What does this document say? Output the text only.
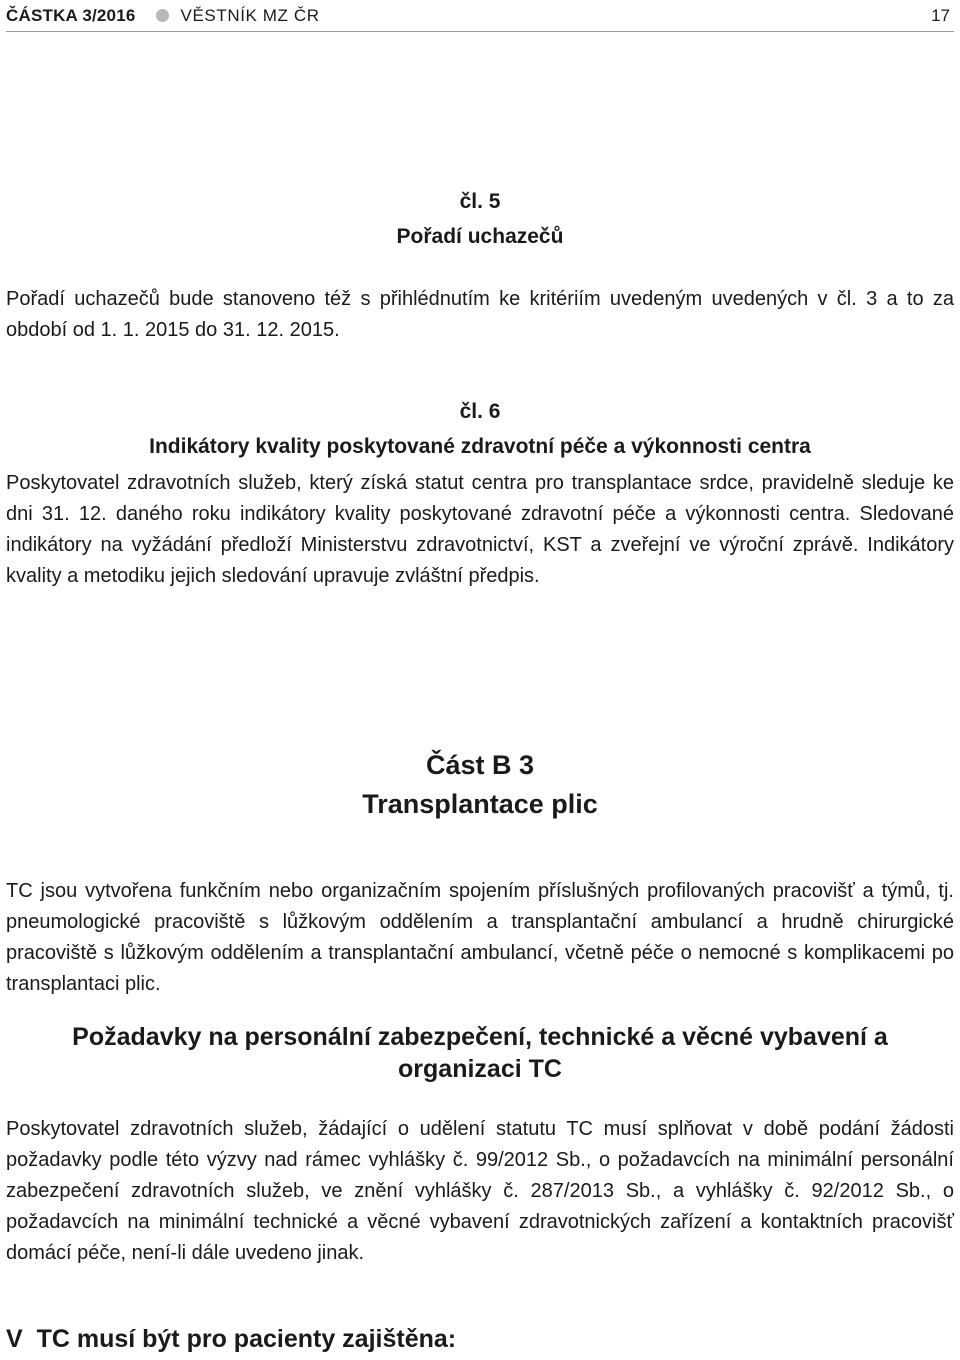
ČÁSTKA 3/2016	VĚSTNÍK MZ ČR	17
čl. 5
Pořadí uchazečů

Pořadí uchazečů bude stanoveno též s přihlédnutím ke kritériím uvedeným uvedených v čl. 3 a to za období od 1. 1. 2015 do 31. 12. 2015.

čl. 6
Indikátory kvality poskytované zdravotní péče a výkonnosti centra

Poskytovatel zdravotních služeb, který získá statut centra pro transplantace srdce, pravidelně sleduje ke dni 31. 12. daného roku indikátory kvality poskytované zdravotní péče a výkonnosti centra. Sledované indikátory na vyžádání předloží Ministerstvu zdravotnictví, KST a zveřejní ve výroční zprávě. Indikátory kvality a metodiku jejich sledování upravuje zvláštní předpis.

Část B 3
Transplantace plic

TC jsou vytvořena funkčním nebo organizačním spojením příslušných profilovaných pracovišť a týmů, tj. pneumologické pracoviště s lůžkovým oddělením a transplantační ambulancí a hrudně chirurgické pracoviště s lůžkovým oddělením a transplantační ambulancí, včetně péče o nemocné s komplikacemi po transplantaci plic.

Požadavky na personální zabezpečení, technické a věcné vybavení a
organizaci TC

Poskytovatel zdravotních služeb, žádající o udělení statutu TC musí splňovat v době podání žádosti požadavky podle této výzvy nad rámec vyhlášky č. 99/2012 Sb., o požadavcích na minimální personální zabezpečení zdravotních služeb, ve znění vyhlášky č. 287/2013 Sb., a vyhlášky č. 92/2012 Sb., o požadavcích na minimální technické a věcné vybavení zdravotnických zařízení a kontaktních pracovišť domácí péče, není-li dále uvedeno jinak.

V  TC musí být pro pacienty zajištěna:
